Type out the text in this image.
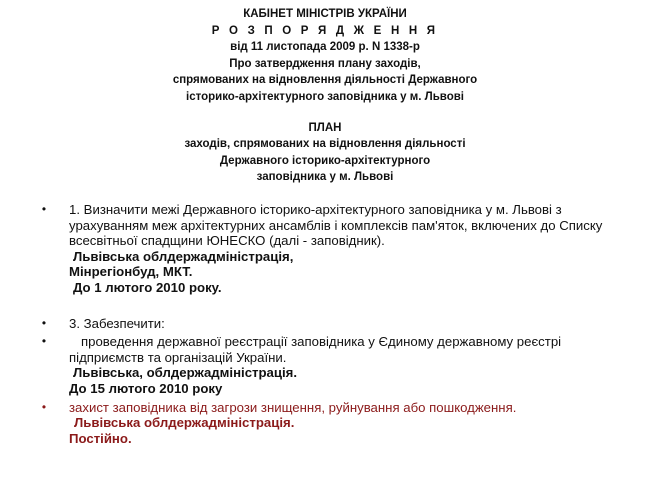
КАБІНЕТ МІНІСТРІВ УКРАЇНИ
Р О З П О Р Я Д Ж Е Н Н Я
від 11 листопада 2009 р. N 1338-р
Про затвердження плану заходів,
спрямованих на відновлення діяльності Державного
історико-архітектурного заповідника у м. Львові
ПЛАН
заходів, спрямованих на відновлення діяльності
Державного історико-архітектурного
заповідника у м. Львові
• 1. Визначити межі Державного історико-архітектурного заповідника у м. Львові з урахуванням меж архітектурних ансамблів і комплексів пам'яток, включених до Списку всесвітньої спадщини ЮНЕСКО (далі - заповідник).
Львівська облдержадміністрація,
Мінрегіонбуд, МКТ.
До 1 лютого 2010 року.
• 3. Забезпечити:
•	проведення державної реєстрації заповідника у Єдиному державному реєстрі підприємств та організацій України.
Львівська, облдержадміністрація.
До 15 лютого 2010 року
• захист заповідника від загрози знищення, руйнування або пошкодження.
Львівська облдержадміністрація.
Постійно.
